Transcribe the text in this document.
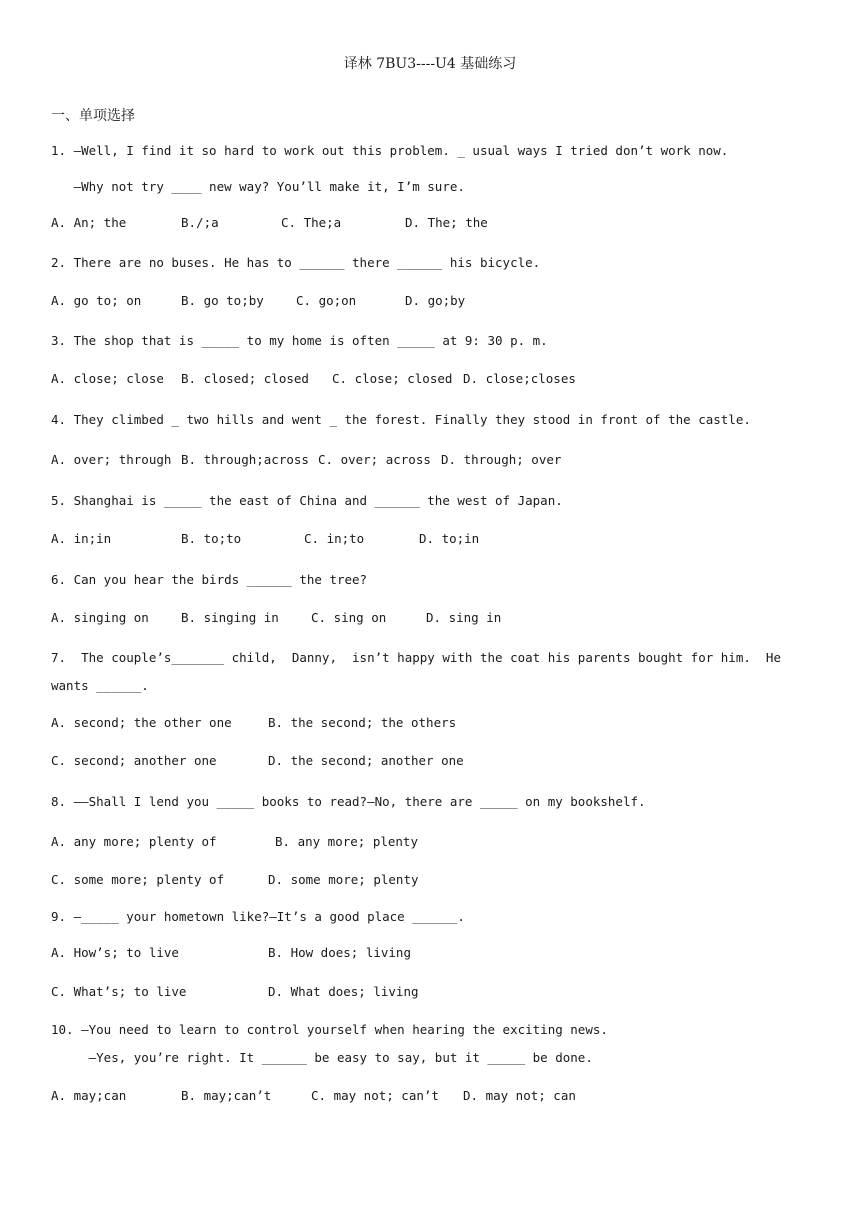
译林 7BU3----U4 基础练习
一、单项选择
1. —Well, I find it so hard to work out this problem. _ usual ways I tried don’t work now.
—Why not try ____ new way? You’ll make it, I’m sure.
A. An; the	B./;a	C. The;a	D. The; the
2. There are no buses. He has to ______ there ______ his bicycle.
A. go to; on	B. go to;by	C. go;on	D. go;by
3. The shop that is _____ to my home is often _____ at 9: 30 p. m.
A. close; close B. closed; closed C. close; closed D. close;closes
4. They climbed _ two hills and went _ the forest. Finally they stood in front of the castle.
A. over; through B. through;across C. over; across D. through; over
5. Shanghai is _____ the east of China and ______ the west of Japan.
A. in;in	B. to;to	C. in;to	D. to;in
6. Can you hear the birds ______ the tree?
A. singing on	B. singing in	C. sing on	D. sing in
7.  The couple’s_______ child,  Danny,  isn’t happy with the coat his parents bought for him.  He
wants ______.
A. second; the other one	B. the second; the others
C. second; another one	D. the second; another one
8. ——Shall I lend you _____ books to read?—No, there are _____ on my bookshelf.
A. any more; plenty of	B. any more; plenty
C. some more; plenty of	D. some more; plenty
9. —_____ your hometown like?—It’s a good place ______.
A. How’s; to live	B. How does; living
C. What’s; to live	D. What does; living
10. —You need to learn to control yourself when hearing the exciting news.
—Yes, you’re right. It ______ be easy to say, but it _____ be done.
A. may;can	B. may;can’t	C. may not; can’t D. may not; can
